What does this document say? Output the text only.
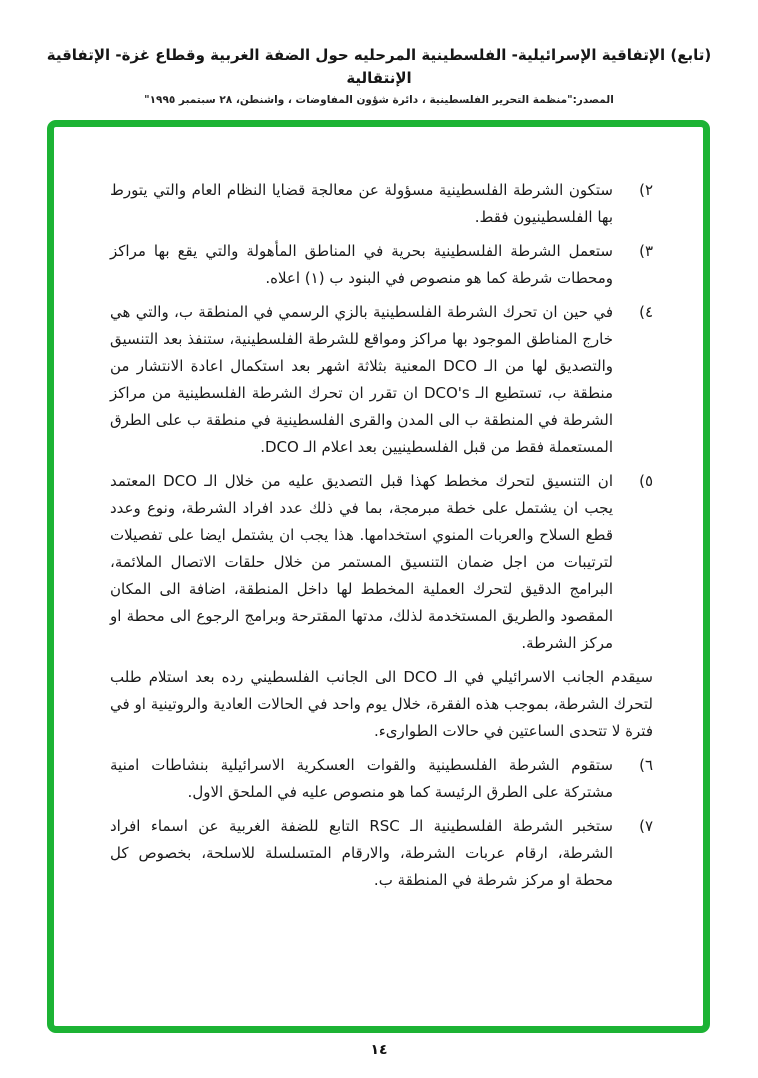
(تابع) الإتفاقية الإسرائيلية- الفلسطينية المرحليه حول الضفة الغربية وقطاع غزة- الإتفاقية الإنتقالية
المصدر:"منظمة التحرير الفلسطينية ، دائرة شؤون المفاوضات ، واشنطن، ٢٨ سبتمبر ١٩٩٥"
٢)
ستكون الشرطة الفلسطينية مسؤولة عن معالجة قضايا النظام العام والتي يتورط بها الفلسطينيون فقط.
٣)
ستعمل الشرطة الفلسطينية بحرية في المناطق المأهولة والتي يقع بها مراكز ومحطات شرطة كما هو منصوص في البنود ب (١) اعلاه.
٤)
في حين ان تحرك الشرطة الفلسطينية بالزي الرسمي في المنطقة ب، والتي هي خارج المناطق الموجود بها مراكز ومواقع للشرطة الفلسطينية، ستنفذ بعد التنسيق والتصديق لها من الـ DCO المعنية بثلاثة اشهر بعد استكمال اعادة الانتشار من منطقة ب، تستطيع الـ DCO's ان تقرر ان تحرك الشرطة الفلسطينية من مراكز الشرطة في المنطقة ب الى المدن والقرى الفلسطينية في منطقة ب على الطرق المستعملة فقط من قبل الفلسطينيين بعد اعلام الـ DCO.
٥)
ان التنسيق لتحرك مخطط كهذا قبل التصديق عليه من خلال الـ DCO المعتمد يجب ان يشتمل على خطة مبرمجة، بما في ذلك عدد افراد الشرطة، ونوع وعدد قطع السلاح والعربات المنوي استخدامها. هذا يجب ان يشتمل ايضا على تفصيلات لترتيبات من اجل ضمان التنسيق المستمر من خلال حلقات الاتصال الملائمة، البرامج الدقيق لتحرك العملية المخطط لها داخل المنطقة، اضافة الى المكان المقصود والطريق المستخدمة لذلك، مدتها المقترحة وبرامج الرجوع الى محطة او مركز الشرطة.
سيقدم الجانب الاسرائيلي في الـ DCO الى الجانب الفلسطيني رده بعد استلام طلب لتحرك الشرطة، بموجب هذه الفقرة، خلال يوم واحد في الحالات العادية والروتينية او في فترة لا تتحدى الساعتين في حالات الطوارىء.
٦)
ستقوم الشرطة الفلسطينية والقوات العسكرية الاسرائيلية بنشاطات امنية مشتركة على الطرق الرئيسة كما هو منصوص عليه في الملحق الاول.
٧)
ستخبر الشرطة الفلسطينية الـ RSC التابع للضفة الغربية عن اسماء افراد الشرطة، ارقام عربات الشرطة، والارقام المتسلسلة للاسلحة، بخصوص كل محطة او مركز شرطة في المنطقة ب.
١٤
